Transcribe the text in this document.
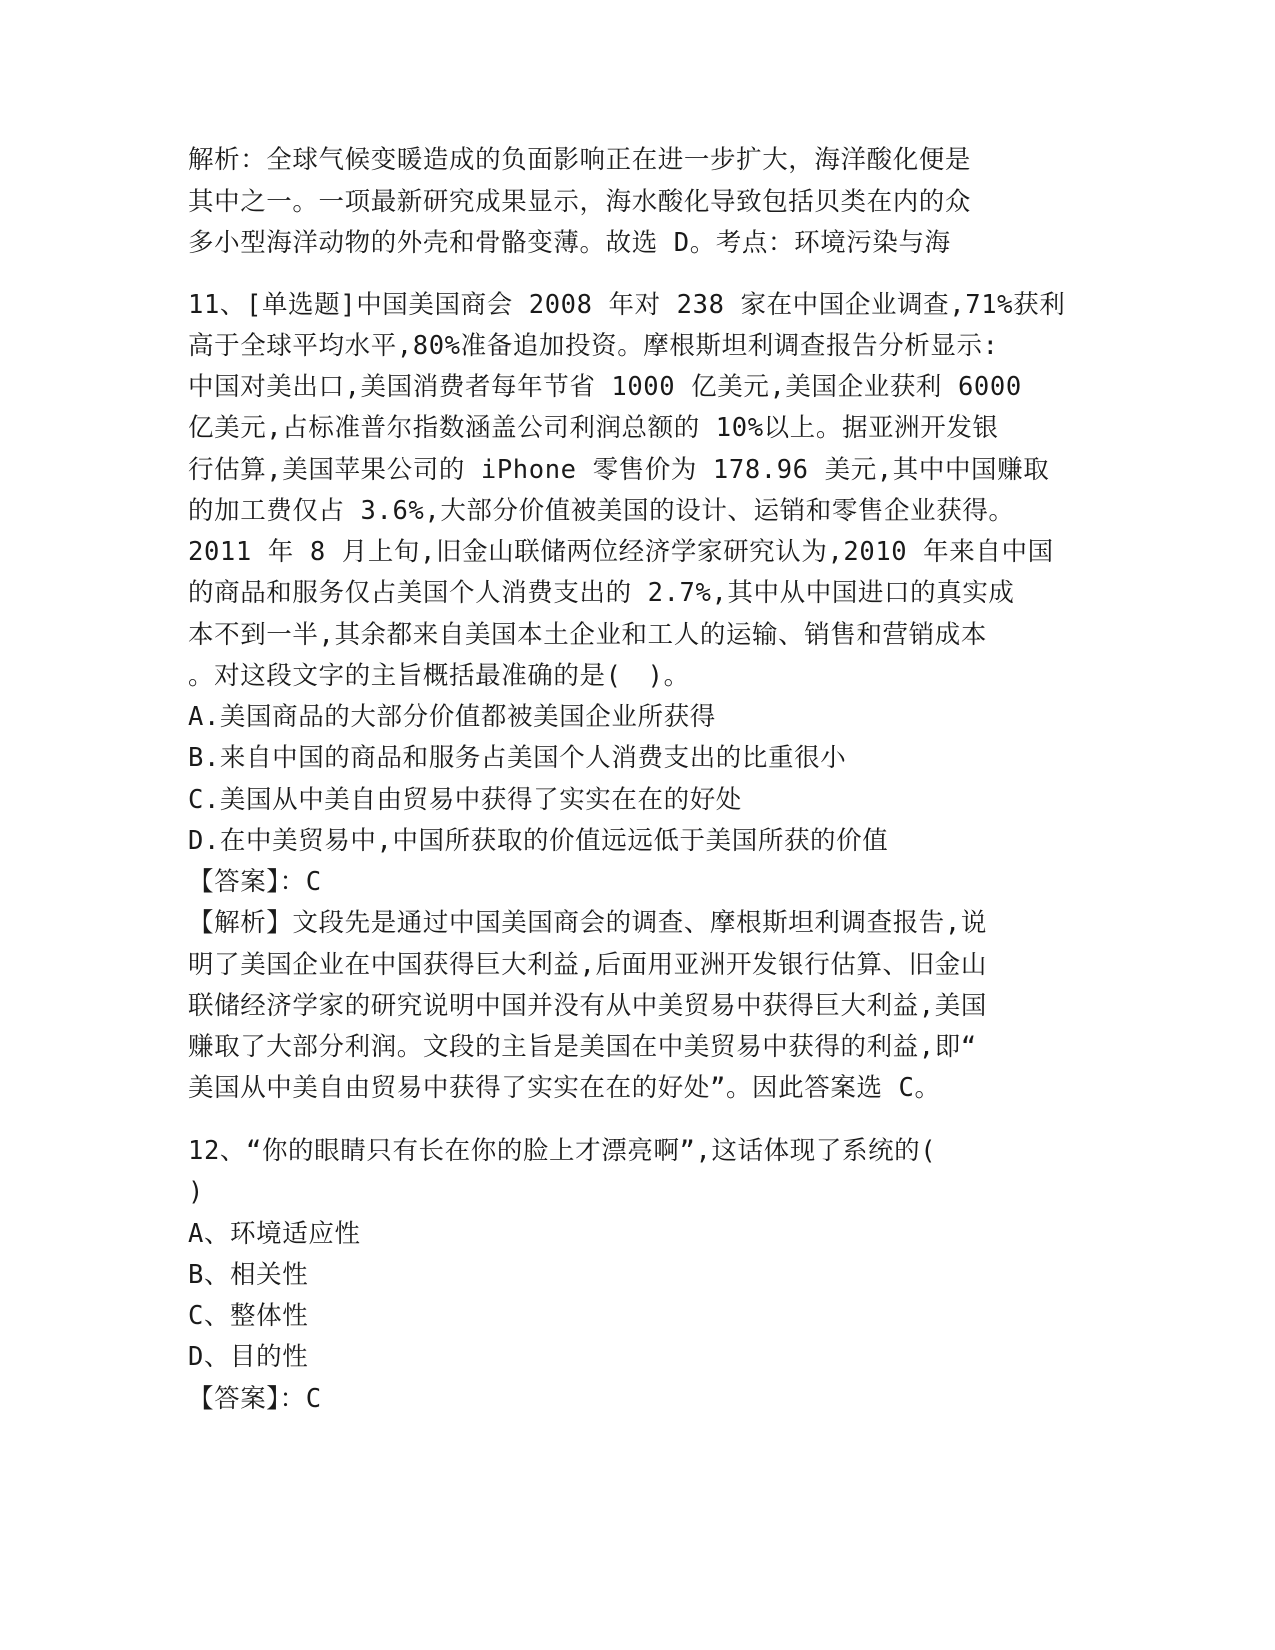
解析：全球气候变暖造成的负面影响正在进一步扩大，海洋酸化便是
其中之一。一项最新研究成果显示，海水酸化导致包括贝类在内的众
多小型海洋动物的外壳和骨骼变薄。故选 D。考点：环境污染与海
11、[单选题]中国美国商会 2008 年对 238 家在中国企业调查,71%获利
高于全球平均水平,80%准备追加投资。摩根斯坦利调查报告分析显示:
中国对美出口,美国消费者每年节省 1000 亿美元,美国企业获利 6000
亿美元,占标准普尔指数涵盖公司利润总额的 10%以上。据亚洲开发银
行估算,美国苹果公司的 iPhone 零售价为 178.96 美元,其中中国赚取
的加工费仅占 3.6%,大部分价值被美国的设计、运销和零售企业获得。
2011 年 8 月上旬,旧金山联储两位经济学家研究认为,2010 年来自中国
的商品和服务仅占美国个人消费支出的 2.7%,其中从中国进口的真实成
本不到一半,其余都来自美国本土企业和工人的运输、销售和营销成本
。对这段文字的主旨概括最准确的是(　)。
A.美国商品的大部分价值都被美国企业所获得
B.来自中国的商品和服务占美国个人消费支出的比重很小
C.美国从中美自由贸易中获得了实实在在的好处
D.在中美贸易中,中国所获取的价值远远低于美国所获的价值
【答案】：C
【解析】文段先是通过中国美国商会的调查、摩根斯坦利调查报告,说
明了美国企业在中国获得巨大利益,后面用亚洲开发银行估算、旧金山
联储经济学家的研究说明中国并没有从中美贸易中获得巨大利益,美国
赚取了大部分利润。文段的主旨是美国在中美贸易中获得的利益,即“
美国从中美自由贸易中获得了实实在在的好处”。因此答案选 C。
12、“你的眼睛只有长在你的脸上才漂亮啊”,这话体现了系统的(
)
A、环境适应性
B、相关性
C、整体性
D、目的性
【答案】：C
